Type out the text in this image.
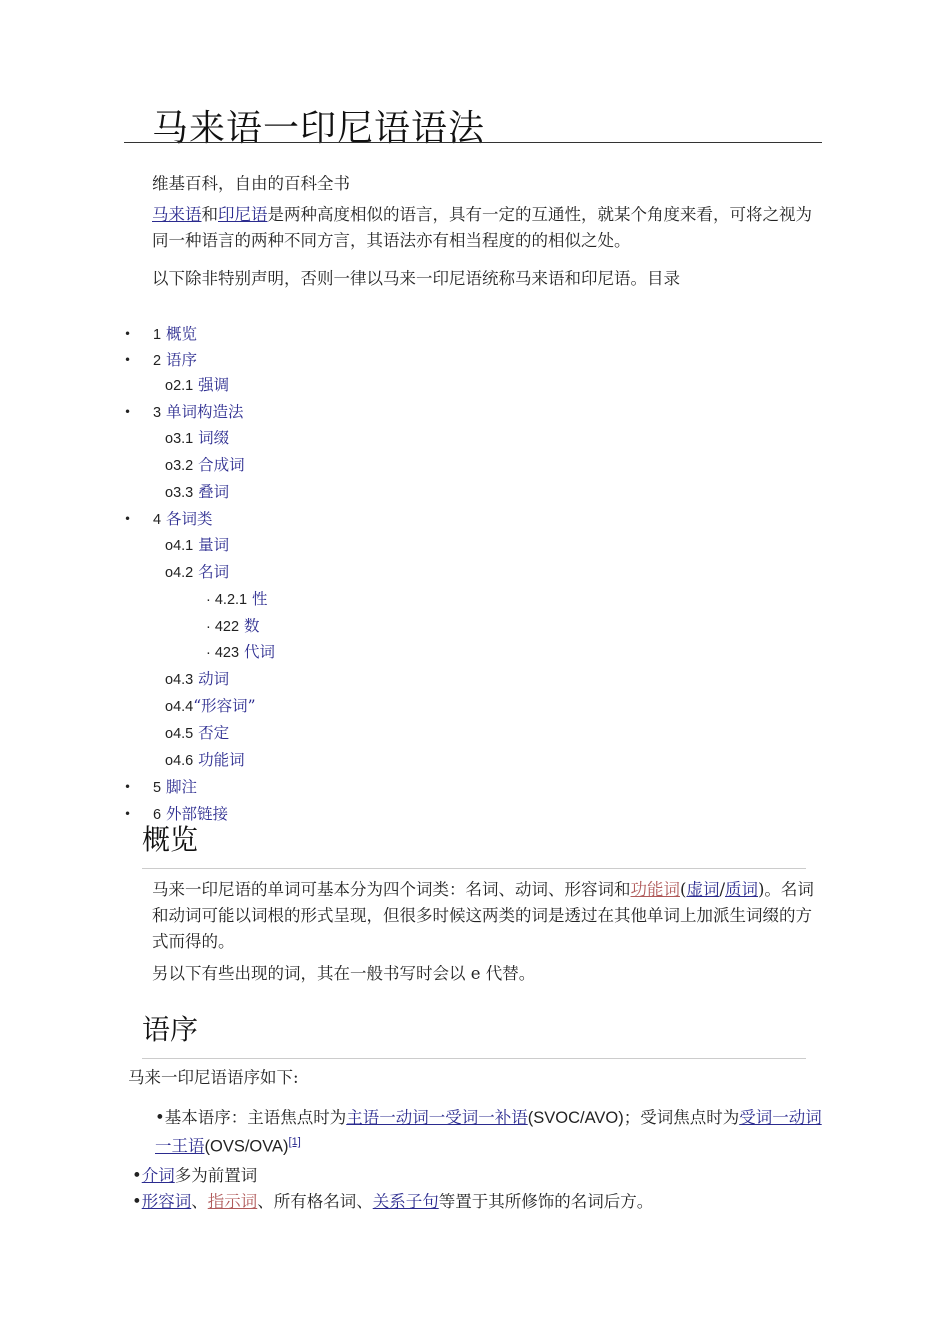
马来语一印尼语语法
维基百科，自由的百科全书
马来语和印尼语是两种高度相似的语言，具有一定的互通性，就某个角度来看，可将之视为同一种语言的两种不同方言，其语法亦有相当程度的的相似之处。
以下除非特别声明，否则一律以马来一印尼语统称马来语和印尼语。目录
• 1 概览
• 2 语序
o2.1 强调
• 3 单词构造法
o3.1 词缀
o3.2 合成词
o3.3 叠词
• 4 各词类
o4.1 量词
o4.2 名词
· 4.2.1 性
· 422 数
· 423 代词
o4.3 动词
o4.4“形容词”
o4.5 否定
o4.6 功能词
• 5 脚注
• 6 外部链接
概览
马来一印尼语的单词可基本分为四个词类：名词、动词、形容词和功能词(虚词/质词)。名词和动词可能以词根的形式呈现，但很多时候这两类的词是透过在其他单词上加派生词缀的方式而得的。
另以下有些出现的词，其在一般书写时会以 e 代替。
语序
马来一印尼语语序如下:
•基本语序：主语焦点时为主语一动词一受词一补语(SVOC/AVO)；受词焦点时为受词一动词一王语(OVS/OVA)[1]
•介词多为前置词
•形容词、指示词、所有格名词、关系子句等置于其所修饰的名词后方。
